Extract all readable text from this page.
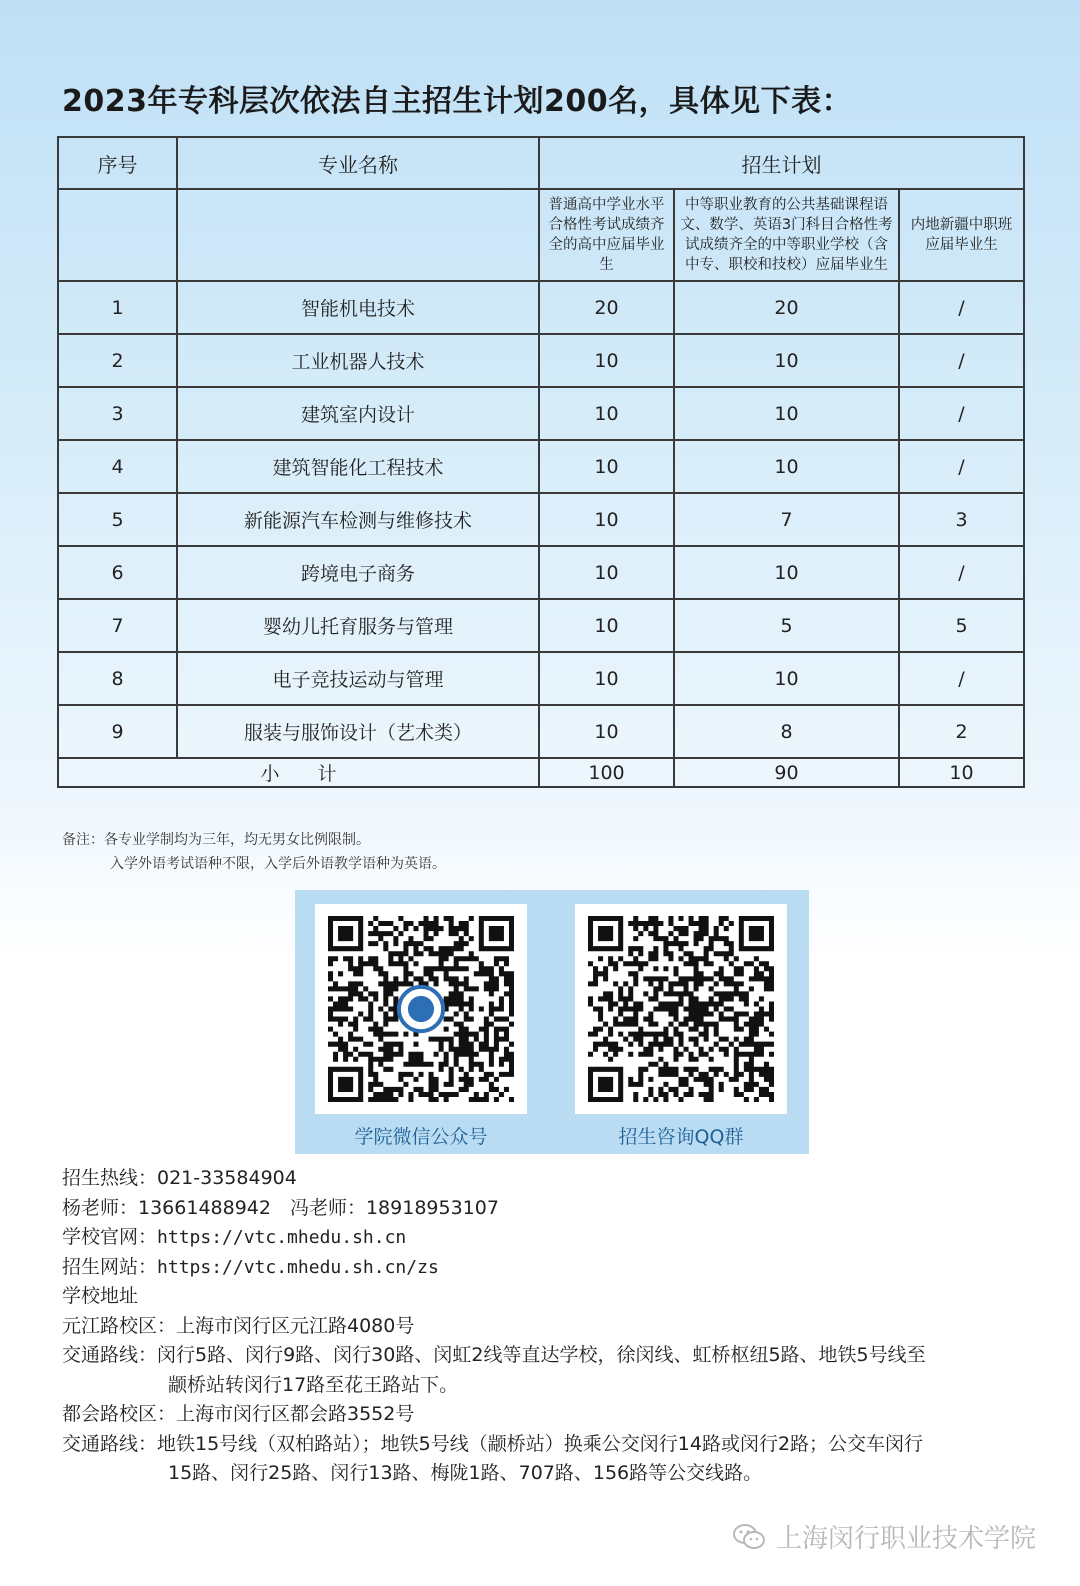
2023年专科层次依法自主招生计划200名，具体见下表：
序号	专业名称	招生计划		
		普通高中学业水平合格性考试成绩齐全的高中应届毕业生	中等职业教育的公共基础课程语文、数学、英语3门科目合格性考试成绩齐全的中等职业学校（含中专、职校和技校）应届毕业生	内地新疆中职班应届毕业生
1	智能机电技术	20	20	/
2	工业机器人技术	10	10	/
3	建筑室内设计	10	10	/
4	建筑智能化工程技术	10	10	/
5	新能源汽车检测与维修技术	10	7	3
6	跨境电子商务	10	10	/
7	婴幼儿托育服务与管理	10	5	5
8	电子竞技运动与管理	10	10	/
9	服装与服饰设计（艺术类）	10	8	2
小　　计		100	90	10
备注：各专业学制均为三年，均无男女比例限制。
入学外语考试语种不限，入学后外语教学语种为英语。
学院微信公众号	招生咨询QQ群
招生热线：021-33584904
杨老师：13661488942　冯老师：18918953107
学校官网：https://vtc.mhedu.sh.cn
招生网站：https://vtc.mhedu.sh.cn/zs
学校地址
元江路校区：上海市闵行区元江路4080号
交通路线：闵行5路、闵行9路、闵行30路、闵虹2线等直达学校，徐闵线、虹桥枢纽5路、地铁5号线至
颛桥站转闵行17路至花王路站下。
都会路校区：上海市闵行区都会路3552号
交通路线：地铁15号线（双柏路站）；地铁5号线（颛桥站）换乘公交闵行14路或闵行2路；公交车闵行
15路、闵行25路、闵行13路、梅陇1路、707路、156路等公交线路。
上海闵行职业技术学院
